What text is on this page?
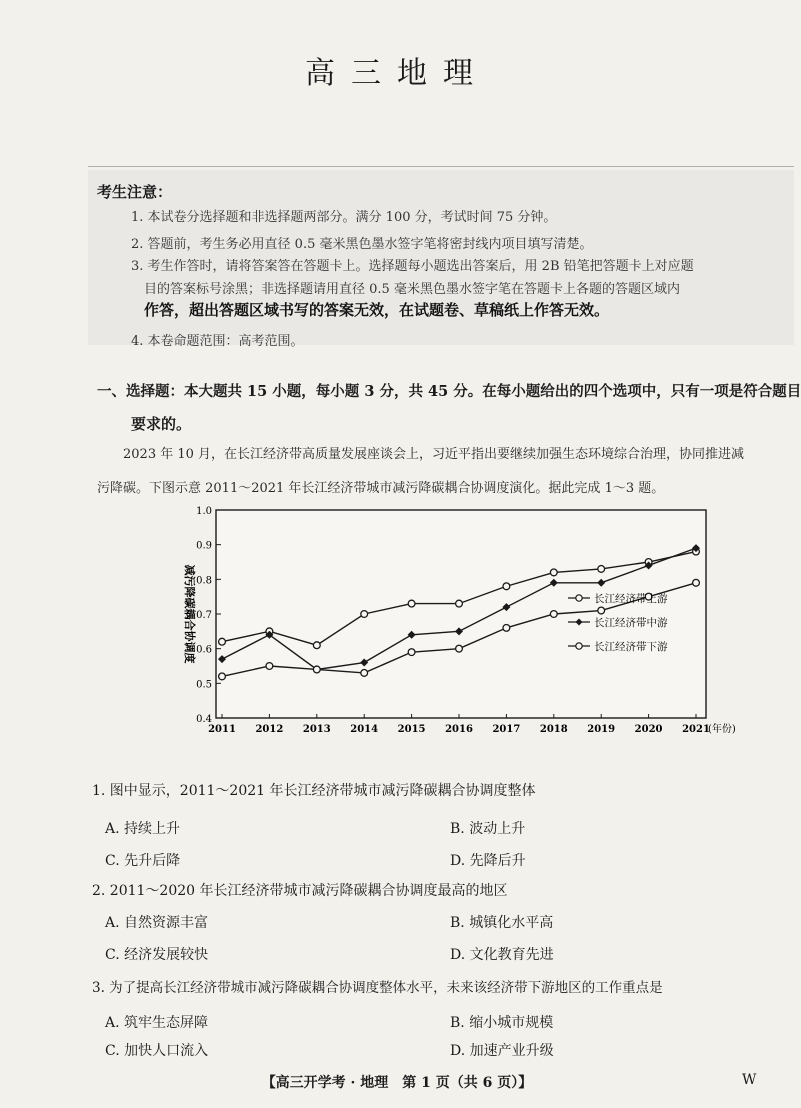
高三地理
考生注意：
1. 本试卷分选择题和非选择题两部分。满分 100 分，考试时间 75 分钟。
2. 答题前，考生务必用直径 0.5 毫米黑色墨水签字笔将密封线内项目填写清楚。
3. 考生作答时，请将答案答在答题卡上。选择题每小题选出答案后，用 2B 铅笔把答题卡上对应题
目的答案标号涂黑；非选择题请用直径 0.5 毫米黑色墨水签字笔在答题卡上各题的答题区域内
作答，超出答题区域书写的答案无效，在试题卷、草稿纸上作答无效。
4. 本卷命题范围：高考范围。
一、选择题：本大题共 15 小题，每小题 3 分，共 45 分。在每小题给出的四个选项中，只有一项是符合题目
要求的。
2023 年 10 月，在长江经济带高质量发展座谈会上，习近平指出要继续加强生态环境综合治理，协同推进减污降碳。下图示意 2011～2021 年长江经济带城市减污降碳耦合协调度演化。据此完成 1～3 题。
0.4
0.5
0.6
0.7
0.8
0.9
1.0
2011 2012 2013 2014 2015 2016 2017 2018 2019 2020 2021
(年份)
长江经济带上游
长江经济带中游
长江经济带下游
减污降碳耦合协调度
1. 图中显示，2011～2021 年长江经济带城市减污降碳耦合协调度整体
A. 持续上升	B. 波动上升
C. 先升后降	D. 先降后升
2. 2011～2020 年长江经济带城市减污降碳耦合协调度最高的地区
A. 自然资源丰富	B. 城镇化水平高
C. 经济发展较快	D. 文化教育先进
3. 为了提高长江经济带城市减污降碳耦合协调度整体水平，未来该经济带下游地区的工作重点是
A. 筑牢生态屏障	B. 缩小城市规模
C. 加快人口流入	D. 加速产业升级
【高三开学考 · 地理　第 1 页（共 6 页）】	W
